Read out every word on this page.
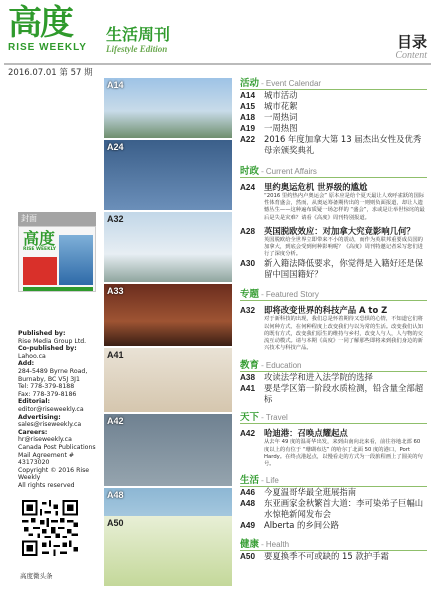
高度
RISE WEEKLY
生活周刊
Lifestyle Edition	目录
Content
2016.07.01 第 57 期
封面
高度
RISE WEEKLY
Published by:
Rise Media Group Ltd.
Co-published by:
Lahoo.ca
Add:
284-5489 Byrne Road,
Burnaby, BC V5J 3J1
Tel: 778-379-8188
Fax: 778-379-8186
Editorial:
editor@riseweekly.ca
Advertising:
sales@riseweekly.ca
Careers:
hr@riseweekly.ca
Canada Post Publications
Mail Agreement # 43173020
Copyright © 2016 Rise
Weekly
All rights reserved
高度微头条
A14
A24
A32
A33
A41
A42
A48
A50
活动 - Event Calendar
A14	城市活动
A15	城市花絮
A18	一周热词
A19	一周热图
A22	2016 年度加拿大第 13 届杰出女性及优秀母亲颁奖典礼
时政 - Current Affairs
A24	里约奥运危机 世界级的尴尬
“2016 里约热内卢奥运会” 原本应是给个夏天最让人欢呼雀跃的国际性体育盛会，然而，从奥运筹备期传出的一则则负面报道，却让人遗憾丛生——这种遍布质疑一场怎样的 “盛会”，求或是让举世惊诧的最后是失是灾难？请看《高度》周刊特别报道。
A28	英国脱欧效应：对加拿大究竟影响几何？
英国脱欧给全世界立即带来不小的震动，而作为英联邦重要成员国的加拿大，到底会受到何种影响呢？《高度》周刊特邀记者采写您们进行了深度分析。
A30	新入籍法降低要求，你觉得是入籍好还是保留中国国籍好？
专题 - Featured Story
A32	即将改变世界的科技产品 A to Z
对于新科技的出现，我们总是怀着期待又恐惧的心情，不知道它们将以何种方式、在何种程度上改变我们与以为常的生活。改变我们认知的既有方式，改变我们原生的维持与乡村，改变人与人，人与物的交流互动模式。请与本期《高度》一同了解那些即将来到我们身边的新兴技术与科技产品。
教育 - Education
A38	攻读法学和进入法学院的选择
A41	要是学区第一阶段水质检测，铅含量全部超标
天下 - Travel
A42	哈迪港：召唤点耀起点
从去年 49 度的温哥华出发，来到由南向北来看，前往谷地北部 60 度以上的有位于 “珊瑚布达” 的哈尔丁北面 50 度的港口，Port Hardy。在终点港起点，以慢看走的方式为一段旅程画上了圆美的句号。
生活 - Life
A46	今夏温哥华最全逛展指南
A48	东亚画家金秋繁首大道：李可染弟子巨幅山水惊艳新闻发布会
A49	Alberta 的乡间公路
健康 - Health
A50	要夏换季不可或缺的 15 款护手霜
